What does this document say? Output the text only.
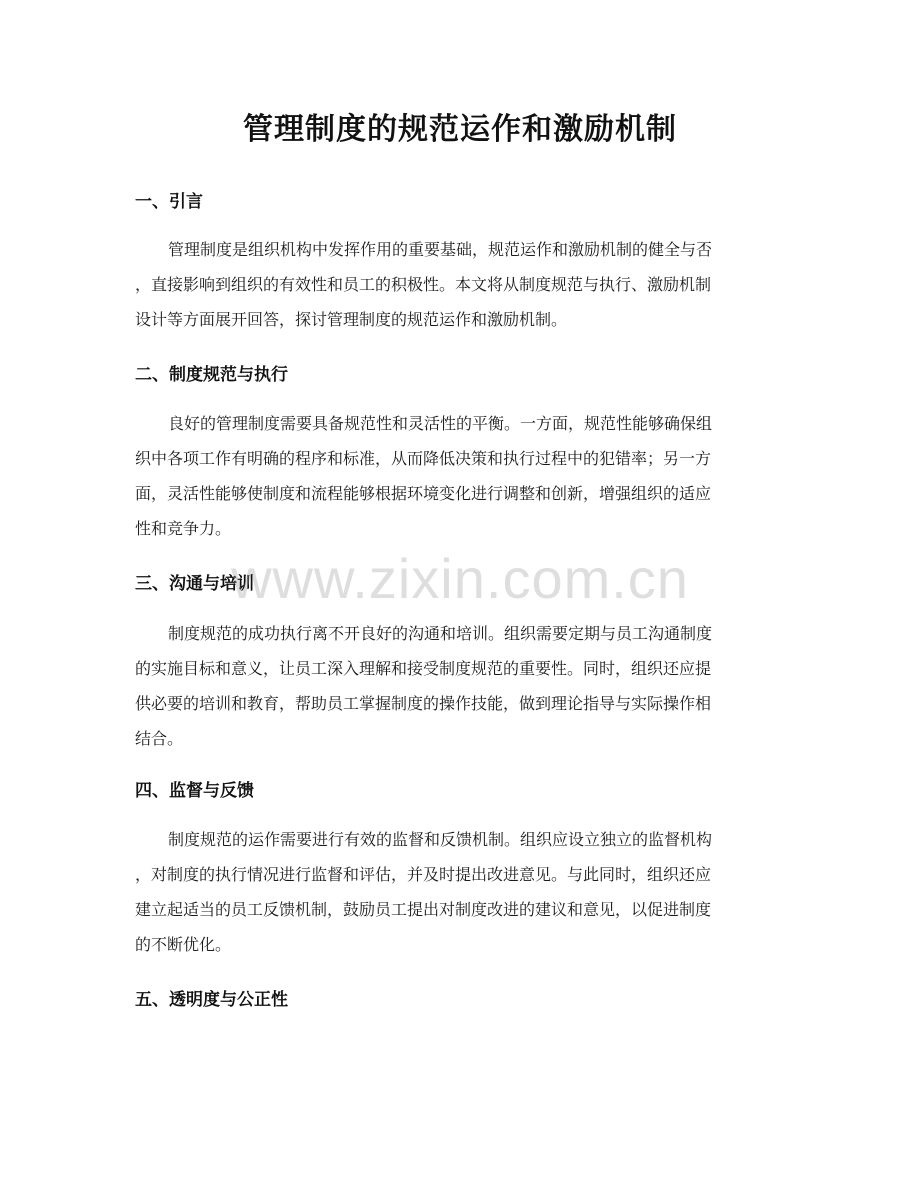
管理制度的规范运作和激励机制
一、引言
管理制度是组织机构中发挥作用的重要基础，规范运作和激励机制的健全与否
，直接影响到组织的有效性和员工的积极性。本文将从制度规范与执行、激励机制
设计等方面展开回答，探讨管理制度的规范运作和激励机制。
二、制度规范与执行
良好的管理制度需要具备规范性和灵活性的平衡。一方面，规范性能够确保组
织中各项工作有明确的程序和标准，从而降低决策和执行过程中的犯错率；另一方
面，灵活性能够使制度和流程能够根据环境变化进行调整和创新，增强组织的适应
性和竞争力。
三、沟通与培训
制度规范的成功执行离不开良好的沟通和培训。组织需要定期与员工沟通制度
的实施目标和意义，让员工深入理解和接受制度规范的重要性。同时，组织还应提
供必要的培训和教育，帮助员工掌握制度的操作技能，做到理论指导与实际操作相
结合。
四、监督与反馈
制度规范的运作需要进行有效的监督和反馈机制。组织应设立独立的监督机构
，对制度的执行情况进行监督和评估，并及时提出改进意见。与此同时，组织还应
建立起适当的员工反馈机制，鼓励员工提出对制度改进的建议和意见，以促进制度
的不断优化。
五、透明度与公正性
www.zixin.com.cn
